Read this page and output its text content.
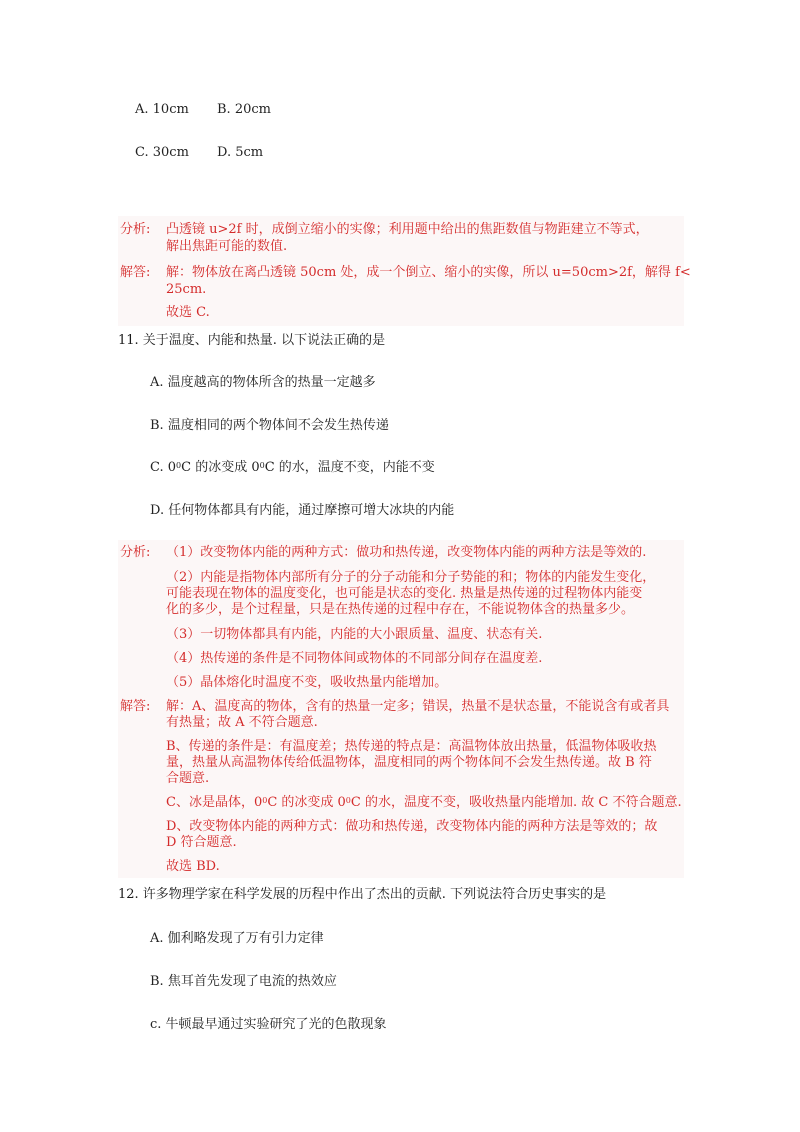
A. 10cm B. 20cm
C. 30cm D. 5cm
分析: 凸透镜 u>2f 时，成倒立缩小的实像；利用题中给出的焦距数值与物距建立不等式，
解出焦距可能的数值.
解答: 解：物体放在离凸透镜 50cm 处，成一个倒立、缩小的实像，所以 u=50cm>2f，解得 f<
25cm.
故选 C.
11. 关于温度、内能和热量. 以下说法正确的是
A. 温度越高的物体所含的热量一定越多
B. 温度相同的两个物体间不会发生热传递
C. $0^0C$ 的冰变成 $0^0C$ 的水，温度不变，内能不变
D. 任何物体都具有内能，通过摩擦可增大冰块的内能
分析: （1）改变物体内能的两种方式：做功和热传递，改变物体内能的两种方法是等效的.
（2）内能是指物体内部所有分子的分子动能和分子势能的和；物体的内能发生变化，
可能表现在物体的温度变化，也可能是状态的变化. 热量是热传递的过程物体内能变
化的多少，是个过程量，只是在热传递的过程中存在，不能说物体含的热量多少。
（3）一切物体都具有内能，内能的大小跟质量、温度、状态有关.
（4）热传递的条件是不同物体间或物体的不同部分间存在温度差.
（5）晶体熔化时温度不变，吸收热量内能增加。
解答: 解：A、温度高的物体，含有的热量一定多；错误，热量不是状态量，不能说含有或者具
有热量；故 A 不符合题意.
B、传递的条件是：有温度差；热传递的特点是：高温物体放出热量，低温物体吸收热
量，热量从高温物体传给低温物体，温度相同的两个物体间不会发生热传递。故 B 符
合题意.
C、冰是晶体，$0^0C$ 的冰变成 $0^0C$ 的水，温度不变，吸收热量内能增加. 故 C 不符合题意.
D、改变物体内能的两种方式：做功和热传递，改变物体内能的两种方法是等效的；故
D 符合题意.
故选 BD.
12. 许多物理学家在科学发展的历程中作出了杰出的贡献. 下列说法符合历史事实的是
A. 伽利略发现了万有引力定律
B. 焦耳首先发现了电流的热效应
c. 牛顿最早通过实验研究了光的色散现象
